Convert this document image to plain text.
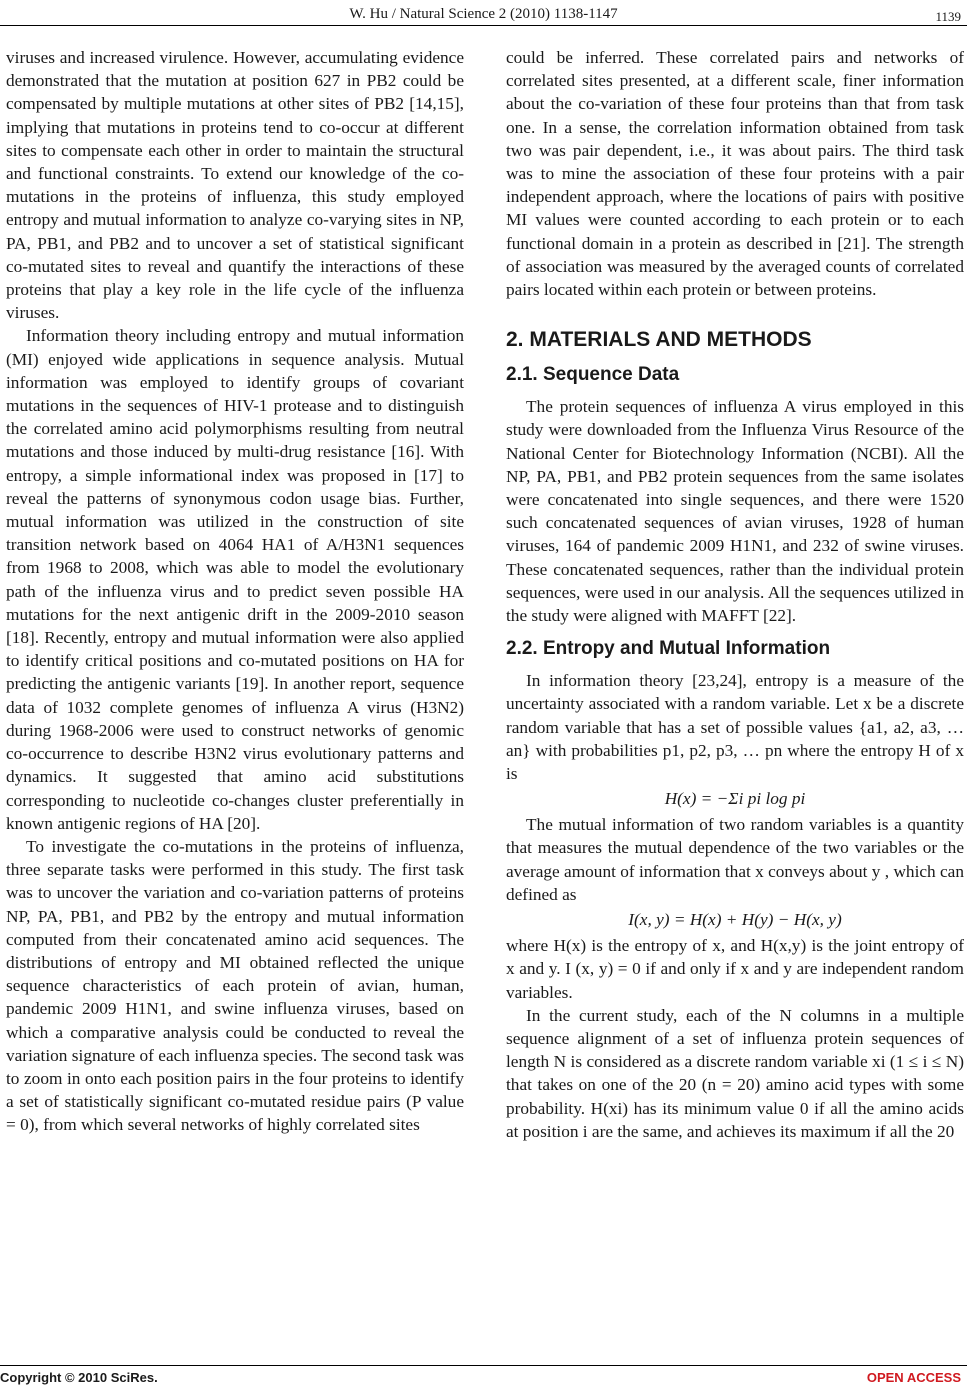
W. Hu / Natural Science 2 (2010) 1138-1147	1139

viruses and increased virulence. However, accumulating evidence demonstrated that the mutation at position 627 in PB2 could be compensated by multiple mutations at other sites of PB2 [14,15], implying that mutations in proteins tend to co-occur at different sites to compensate each other in order to maintain the structural and functional constraints. To extend our knowledge of the co-mutations in the proteins of influenza, this study employed entropy and mutual information to analyze co-varying sites in NP, PA, PB1, and PB2 and to uncover a set of statistical significant co-mutated sites to reveal and quantify the interactions of these proteins that play a key role in the life cycle of the influenza viruses.

Information theory including entropy and mutual information (MI) enjoyed wide applications in sequence analysis. Mutual information was employed to identify groups of covariant mutations in the sequences of HIV-1 protease and to distinguish the correlated amino acid polymorphisms resulting from neutral mutations and those induced by multi-drug resistance [16]. With entropy, a simple informational index was proposed in [17] to reveal the patterns of synonymous codon usage bias. Further, mutual information was utilized in the construction of site transition network based on 4064 HA1 of A/H3N1 sequences from 1968 to 2008, which was able to model the evolutionary path of the influenza virus and to predict seven possible HA mutations for the next antigenic drift in the 2009-2010 season [18]. Recently, entropy and mutual information were also applied to identify critical positions and co-mutated positions on HA for predicting the antigenic variants [19]. In another report, sequence data of 1032 complete genomes of influenza A virus (H3N2) during 1968-2006 were used to construct networks of genomic co-occurrence to describe H3N2 virus evolutionary patterns and dynamics. It suggested that amino acid substitutions corresponding to nucleotide co-changes cluster preferentially in known antigenic regions of HA [20].

To investigate the co-mutations in the proteins of influenza, three separate tasks were performed in this study. The first task was to uncover the variation and co-variation patterns of proteins NP, PA, PB1, and PB2 by the entropy and mutual information computed from their concatenated amino acid sequences. The distributions of entropy and MI obtained reflected the unique sequence characteristics of each protein of avian, human, pandemic 2009 H1N1, and swine influenza viruses, based on which a comparative analysis could be conducted to reveal the variation signature of each influenza species. The second task was to zoom in onto each position pairs in the four proteins to identify a set of statistically significant co-mutated residue pairs (P value = 0), from which several networks of highly correlated sites

could be inferred. These correlated pairs and networks of correlated sites presented, at a different scale, finer information about the co-variation of these four proteins than that from task one. In a sense, the correlation information obtained from task two was pair dependent, i.e., it was about pairs. The third task was to mine the association of these four proteins with a pair independent approach, where the locations of pairs with positive MI values were counted according to each protein or to each functional domain in a protein as described in [21]. The strength of association was measured by the averaged counts of correlated pairs located within each protein or between proteins.

2. MATERIALS AND METHODS
2.1. Sequence Data

The protein sequences of influenza A virus employed in this study were downloaded from the Influenza Virus Resource of the National Center for Biotechnology Information (NCBI). All the NP, PA, PB1, and PB2 protein sequences from the same isolates were concatenated into single sequences, and there were 1520 such concatenated sequences of avian viruses, 1928 of human viruses, 164 of pandemic 2009 H1N1, and 232 of swine viruses. These concatenated sequences, rather than the individual protein sequences, were used in our analysis. All the sequences utilized in the study were aligned with MAFFT [22].

2.2. Entropy and Mutual Information

In information theory [23,24], entropy is a measure of the uncertainty associated with a random variable. Let x be a discrete random variable that has a set of possible values {a1, a2, a3, … an} with probabilities p1, p2, p3, … pn where the entropy H of x is

H(x) = −Σi pi log pi

The mutual information of two random variables is a quantity that measures the mutual dependence of the two variables or the average amount of information that x conveys about y , which can defined as

I(x, y) = H(x) + H(y) − H(x, y)

where H(x) is the entropy of x, and H(x,y) is the joint entropy of x and y. I (x, y) = 0 if and only if x and y are independent random variables.

In the current study, each of the N columns in a multiple sequence alignment of a set of influenza protein sequences of length N is considered as a discrete random variable xi (1 ≤ i ≤ N) that takes on one of the 20 (n = 20) amino acid types with some probability. H(xi) has its minimum value 0 if all the amino acids at position i are the same, and achieves its maximum if all the 20

Copyright © 2010 SciRes.	OPEN ACCESS
